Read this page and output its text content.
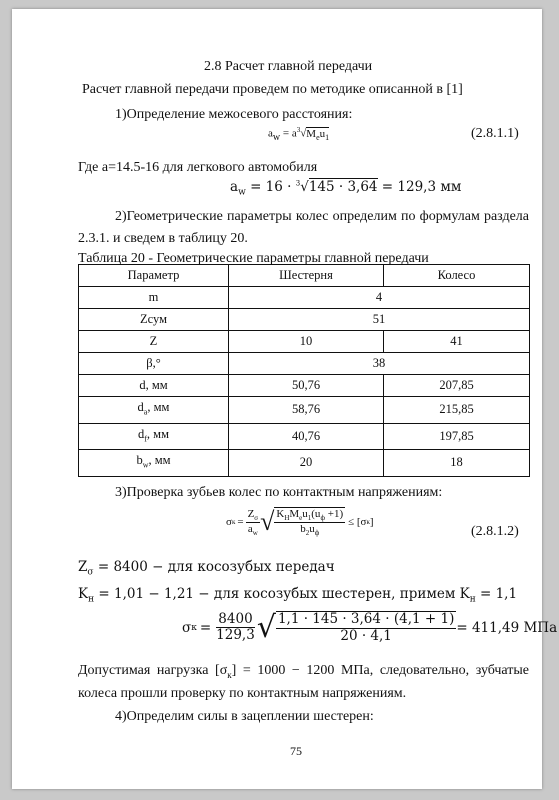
2.8 Расчет главной передачи
Расчет главной передачи проведем по методике описанной в [1]
1)Определение межосевого расстояния:
$a_w = a^3√M_eu_1$	(2.8.1.1)
Где a=14.5-16 для легкового автомобиля
$a_w = 16 \cdot ^3√145 \cdot 3,64 = 129,3$ мм
2)Геометрические параметры колес определим по формулам раздела
2.3.1. и сведем в таблицу 20.
Таблица 20 - Геометрические параметры главной передачи
Параметр	Шестерня	Колесо
m	4	
Zсум	51	
Z	10	41
β,°	38	
d, мм	50,76	207,85
$d_a$, мм	58,76	215,85
$d_f$, мм	40,76	197,85
$b_w$, мм	20	18
3)Проверка зубьев колес по контактным напряжениям:
σ $к = \frac{Z_\sigma}{a_w}$ √ $\frac{K_HM_eu_1(u_ф +1)}{b_2u_ф} \le [\sigma$ к ]
(2.8.1.2)
$Z_\sigma = 8400$ − для косозубых передач
$K_н = 1,01 - 1,21$ − для косозубых шестерен, примем $K_н = 1,1$
σ $к = \frac{8400}{129,3}$ √ $\frac{1,1 \cdot 145 \cdot 3,64 \cdot (4,1 + 1)}{20 \cdot 4,1} = 411,49$ МПа
Допустимая нагрузка $[\sigma_к] = 1000 - 1200$ МПа, следовательно, зубчатые
колеса прошли проверку по контактным напряжениям.
4)Определим силы в зацеплении шестерен:
75
